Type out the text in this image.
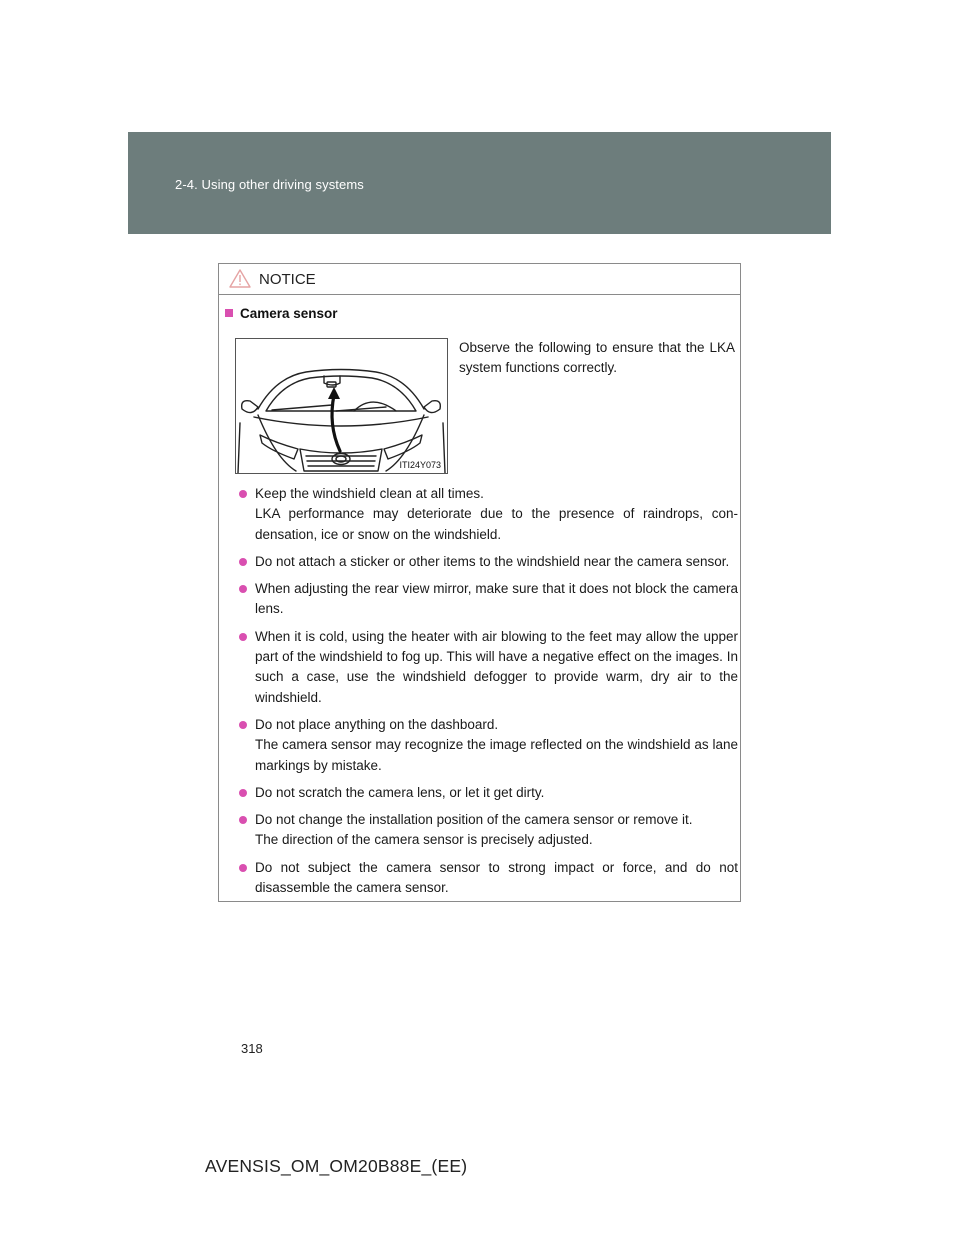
2-4. Using other driving systems
NOTICE
Camera sensor
ITI24Y073
Observe the following to ensure that the LKA system functions correctly.
Keep the windshield clean at all times.
LKA performance may deteriorate due to the presence of raindrops, con-densation, ice or snow on the windshield.
Do not attach a sticker or other items to the windshield near the camera sensor.
When adjusting the rear view mirror, make sure that it does not block the camera lens.
When it is cold, using the heater with air blowing to the feet may allow the upper part of the windshield to fog up. This will have a negative effect on the images. In such a case, use the windshield defogger to provide warm, dry air to the windshield.
Do not place anything on the dashboard.
The camera sensor may recognize the image reflected on the windshield as lane markings by mistake.
Do not scratch the camera lens, or let it get dirty.
Do not change the installation position of the camera sensor or remove it.
The direction of the camera sensor is precisely adjusted.
Do not subject the camera sensor to strong impact or force, and do not disassemble the camera sensor.
318
AVENSIS_OM_OM20B88E_(EE)
